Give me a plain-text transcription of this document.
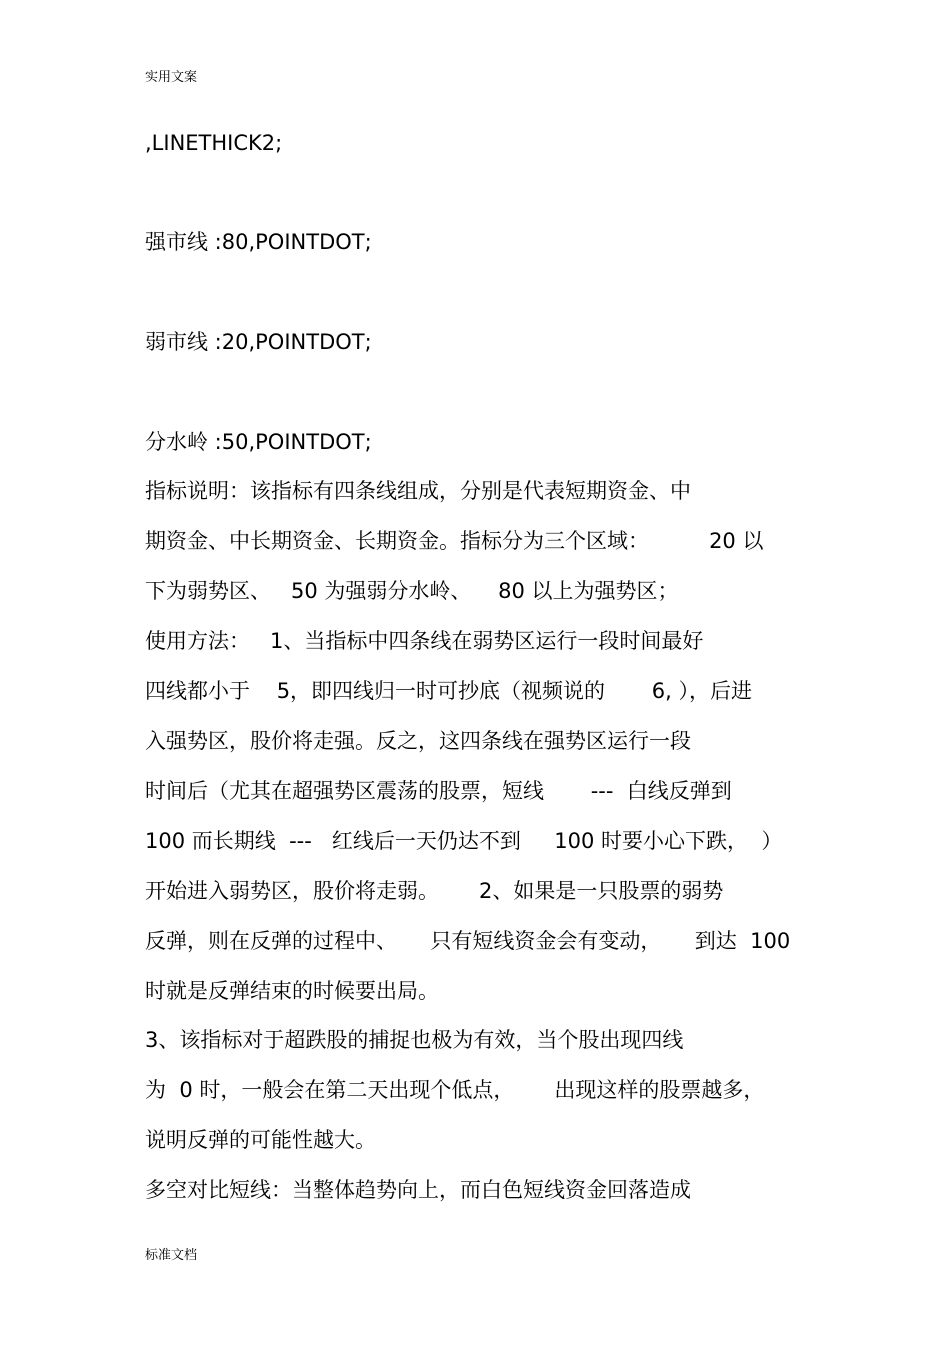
实用文案
,LINETHICK2;
强市线 :80,POINTDOT;
弱市线 :20,POINTDOT;
分水岭 :50,POINTDOT;
指标说明：该指标有四条线组成，分别是代表短期资金、中
期资金、中长期资金、长期资金。指标分为三个区域：         20 以
下为弱势区、   50 为强弱分水岭、    80 以上为强势区；
使用方法：   1、当指标中四条线在弱势区运行一段时间最好
四线都小于    5，即四线归一时可抄底（视频说的       6, ），后进
入强势区，股价将走强。反之，这四条线在强势区运行一段
时间后（尤其在超强势区震荡的股票，短线       ---  白线反弹到
100 而长期线  ---   红线后一天仍达不到     100 时要小心下跌，  ）
开始进入弱势区，股价将走弱。      2、如果是一只股票的弱势
反弹，则在反弹的过程中、     只有短线资金会有变动，     到达  100
时就是反弹结束的时候要出局。
3、该指标对于超跌股的捕捉也极为有效，当个股出现四线
为  0 时，一般会在第二天出现个低点，      出现这样的股票越多，
说明反弹的可能性越大。
多空对比短线：当整体趋势向上，而白色短线资金回落造成
标准文档
